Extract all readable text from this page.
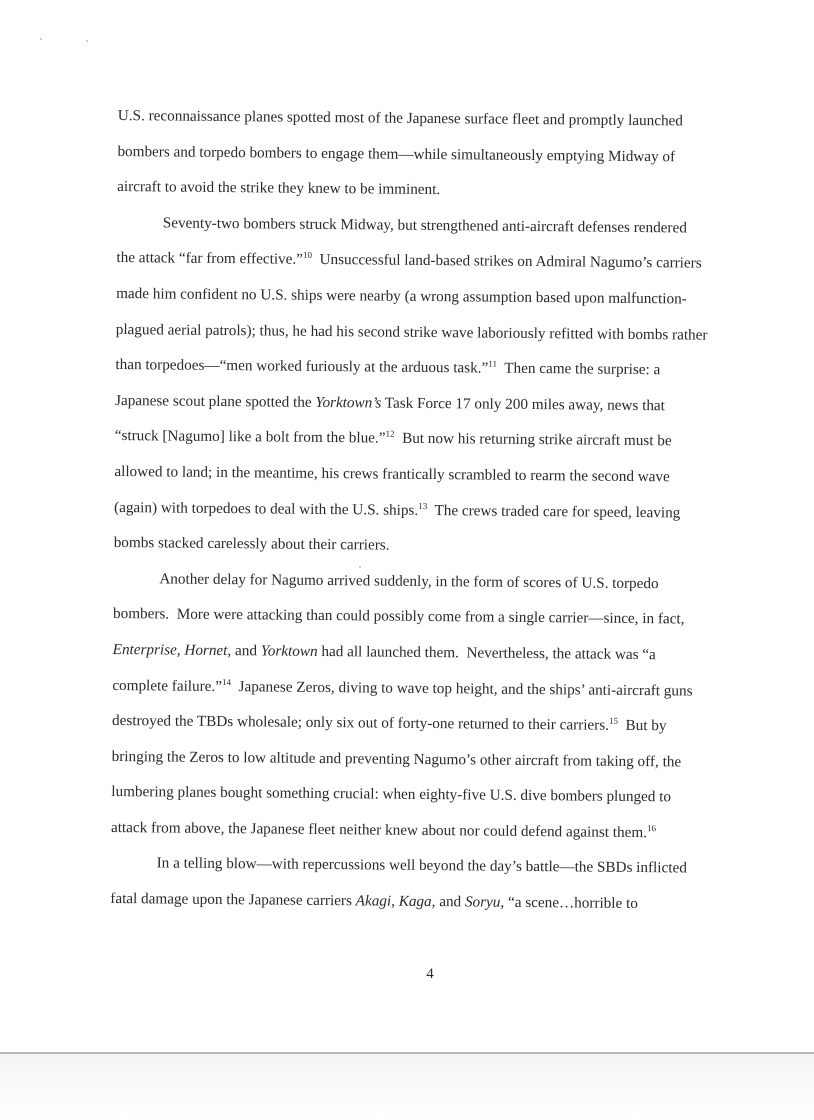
U.S. reconnaissance planes spotted most of the Japanese surface fleet and promptly launched

bombers and torpedo bombers to engage them—while simultaneously emptying Midway of

aircraft to avoid the strike they knew to be imminent.

Seventy-two bombers struck Midway, but strengthened anti-aircraft defenses rendered

the attack “far from effective.”$^{10}$  Unsuccessful land-based strikes on Admiral Nagumo’s carriers

made him confident no U.S. ships were nearby (a wrong assumption based upon malfunction-

plagued aerial patrols); thus, he had his second strike wave laboriously refitted with bombs rather

than torpedoes—“men worked furiously at the arduous task.”$^{11}$  Then came the surprise: a

Japanese scout plane spotted the Yorktown’s Task Force 17 only 200 miles away, news that

“struck [Nagumo] like a bolt from the blue.”$^{12}$  But now his returning strike aircraft must be

allowed to land; in the meantime, his crews frantically scrambled to rearm the second wave

(again) with torpedoes to deal with the U.S. ships.$^{13}$  The crews traded care for speed, leaving

bombs stacked carelessly about their carriers.

Another delay for Nagumo arrived suddenly, in the form of scores of U.S. torpedo

bombers.  More were attacking than could possibly come from a single carrier—since, in fact,

Enterprise, Hornet, and Yorktown had all launched them.  Nevertheless, the attack was “a

complete failure.”$^{14}$  Japanese Zeros, diving to wave top height, and the ships’ anti-aircraft guns

destroyed the TBDs wholesale; only six out of forty-one returned to their carriers.$^{15}$  But by

bringing the Zeros to low altitude and preventing Nagumo’s other aircraft from taking off, the

lumbering planes bought something crucial: when eighty-five U.S. dive bombers plunged to

attack from above, the Japanese fleet neither knew about nor could defend against them.$^{16}$

In a telling blow—with repercussions well beyond the day’s battle—the SBDs inflicted

fatal damage upon the Japanese carriers Akagi, Kaga, and Soryu, “a scene…horrible to

4
